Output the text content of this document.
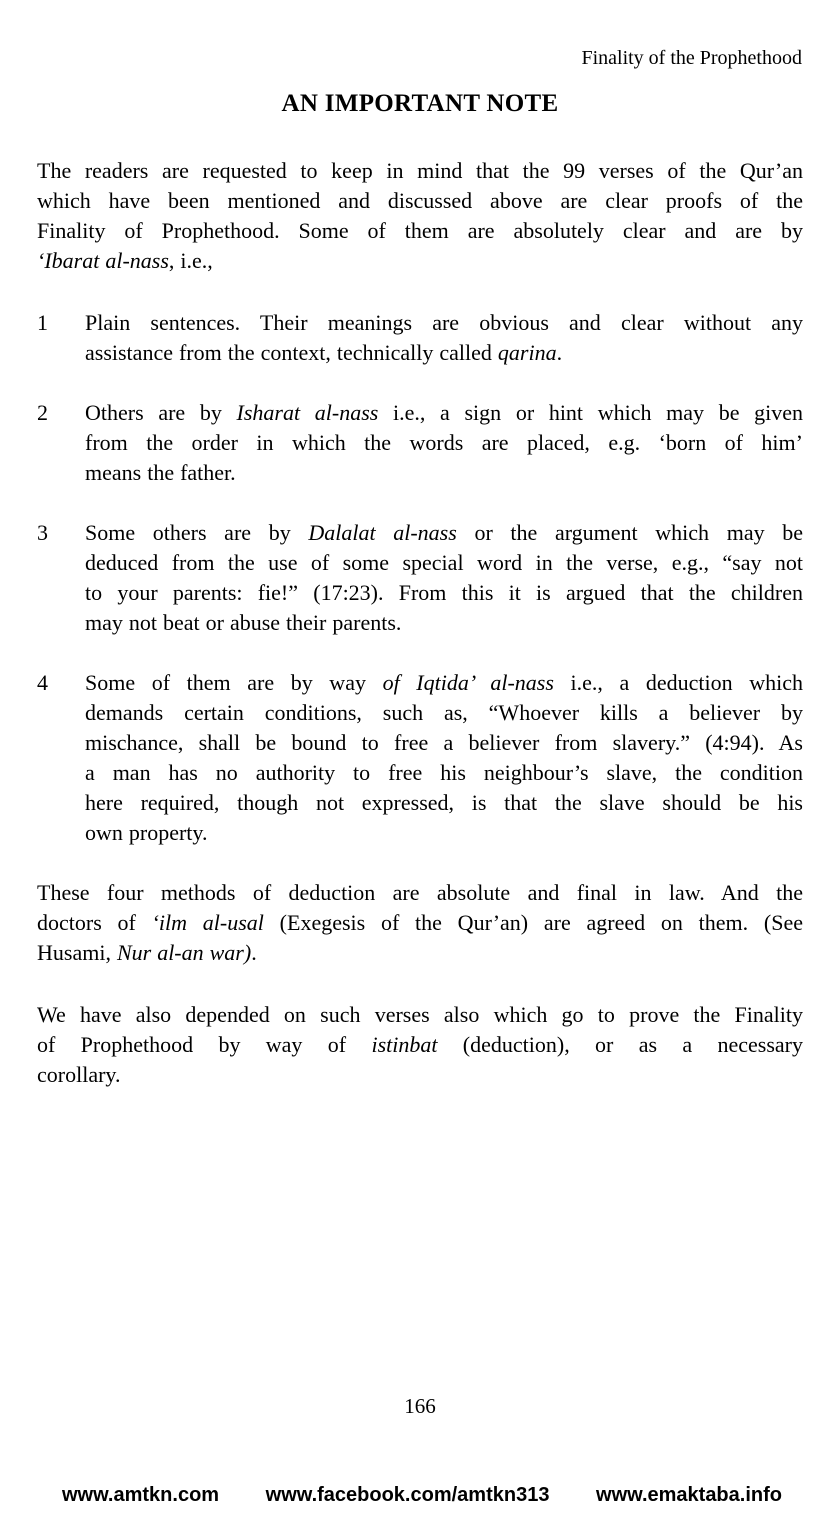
Finality of the Prophethood
AN IMPORTANT NOTE
The readers are requested to keep in mind that the 99 verses of the Qur’an
which have been mentioned and discussed above are clear proofs of the
Finality of Prophethood. Some of them are absolutely clear and are by
‘Ibarat al-nass, i.e.,
1	Plain sentences. Their meanings are obvious and clear without any
assistance from the context, technically called qarina.
2	Others are by Isharat al-nass i.e., a sign or hint which may be given
from the order in which the words are placed, e.g. ‘born of him’
means the father.
3	Some others are by Dalalat al-nass or the argument which may be
deduced from the use of some special word in the verse, e.g., “say not
to your parents: fie!” (17:23). From this it is argued that the children
may not beat or abuse their parents.
4	Some of them are by way of Iqtida’ al-nass i.e., a deduction which
demands certain conditions, such as, “Whoever kills a believer by
mischance, shall be bound to free a believer from slavery.” (4:94). As
a man has no authority to free his neighbour’s slave, the condition
here required, though not expressed, is that the slave should be his
own property.
These four methods of deduction are absolute and final in law. And the
doctors of ‘ilm al-usal (Exegesis of the Qur’an) are agreed on them. (See
Husami, Nur al-an war).
We have also depended on such verses also which go to prove the Finality
of Prophethood by way of istinbat (deduction), or as a necessary
corollary.
166
www.amtkn.com www.facebook.com/amtkn313 www.emaktaba.info
